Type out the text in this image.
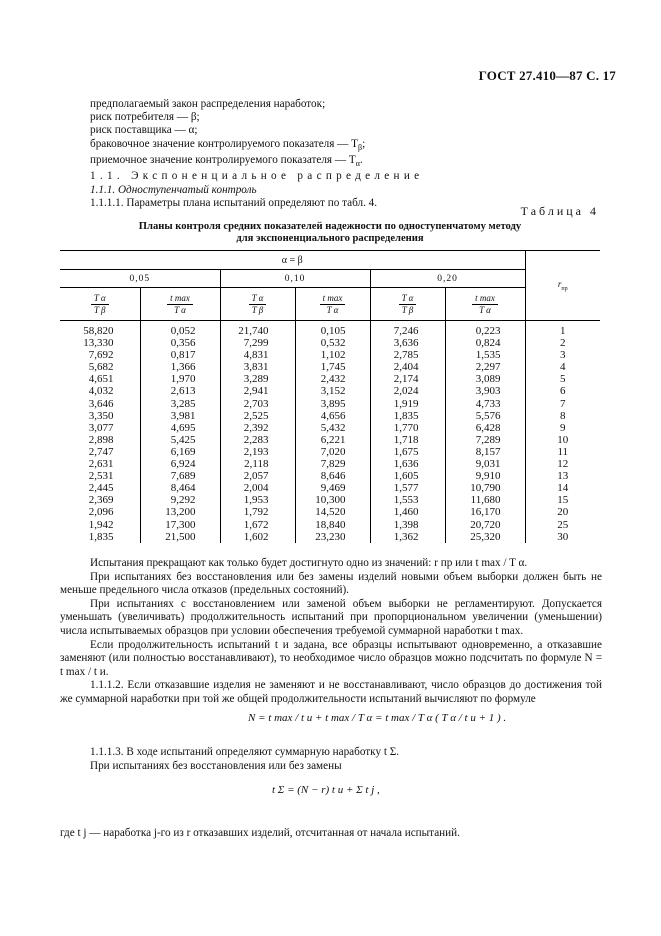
ГОСТ 27.410—87 С. 17
предполагаемый закон распределения наработок;
риск потребителя — β;
риск поставщика — α;
браковочное значение контролируемого показателя — $T_\beta$;
приемочное значение контролируемого показателя — $T_\alpha$.
1.1. Экспоненциальное распределение
1.1.1. Одноступенчатый контроль
1.1.1.1. Параметры плана испытаний определяют по табл. 4.
Таблица 4
Планы контроля средних показателей надежности по одноступенчатому методу
для экспоненциального распределения
α = β						$r_{пр}$
0,05		0,10		0,20		

$\frac{\text{T α}}{\text{T β}}$	$\frac{\text{t max}}{\text{T α}}$	$\frac{\text{T α}}{\text{T β}}$	$\frac{\text{t max}}{\text{T α}}$	$\frac{\text{T α}}{\text{T β}}$	$\frac{\text{t max}}{\text{T α}}$

58,820	0,052	21,740	0,105	7,246	0,223	1
13,330	0,356	7,299	0,532	3,636	0,824	2
7,692	0,817	4,831	1,102	2,785	1,535	3
5,682	1,366	3,831	1,745	2,404	2,297	4
4,651	1,970	3,289	2,432	2,174	3,089	5
4,032	2,613	2,941	3,152	2,024	3,903	6
3,646	3,285	2,703	3,895	1,919	4,733	7
3,350	3,981	2,525	4,656	1,835	5,576	8
3,077	4,695	2,392	5,432	1,770	6,428	9
2,898	5,425	2,283	6,221	1,718	7,289	10
2,747	6,169	2,193	7,020	1,675	8,157	11
2,631	6,924	2,118	7,829	1,636	9,031	12
2,531	7,689	2,057	8,646	1,605	9,910	13
2,445	8,464	2,004	9,469	1,577	10,790	14
2,369	9,292	1,953	10,300	1,553	11,680	15
2,096	13,200	1,792	14,520	1,460	16,170	20
1,942	17,300	1,672	18,840	1,398	20,720	25
1,835	21,500	1,602	23,230	1,362	25,320	30

Испытания прекращают как только будет достигнуто одно из значений: r пр или t max / T α.

При испытаниях без восстановления или без замены изделий новыми объем выборки должен быть не меньше предельного числа отказов (предельных состояний).

При испытаниях с восстановлением или заменой объем выборки не регламентируют. Допускается уменьшать (увеличивать) продолжительность испытаний при пропорциональном увеличении (уменьшении) числа испытываемых образцов при условии обеспечения требуемой суммарной наработки t max.

Если продолжительность испытаний t и задана, все образцы испытывают одновременно, а отказавшие заменяют (или полностью восстанавливают), то необходимое число образцов можно подсчитать по формуле N = t max / t и.

1.1.1.2. Если отказавшие изделия не заменяют и не восстанавливают, число образцов до достижения той же суммарной наработки при той же общей продолжительности испытаний вычисляют по формуле

N = t max / t и + t max / T α = t max / T α ( T α / t и + 1 ) .
1.1.1.3. В ходе испытаний определяют суммарную наработку t Σ.
При испытаниях без восстановления или без замены
t Σ = (N − r) t и + Σ t j ,
где t j — наработка j-го из r отказавших изделий, отсчитанная от начала испытаний.
